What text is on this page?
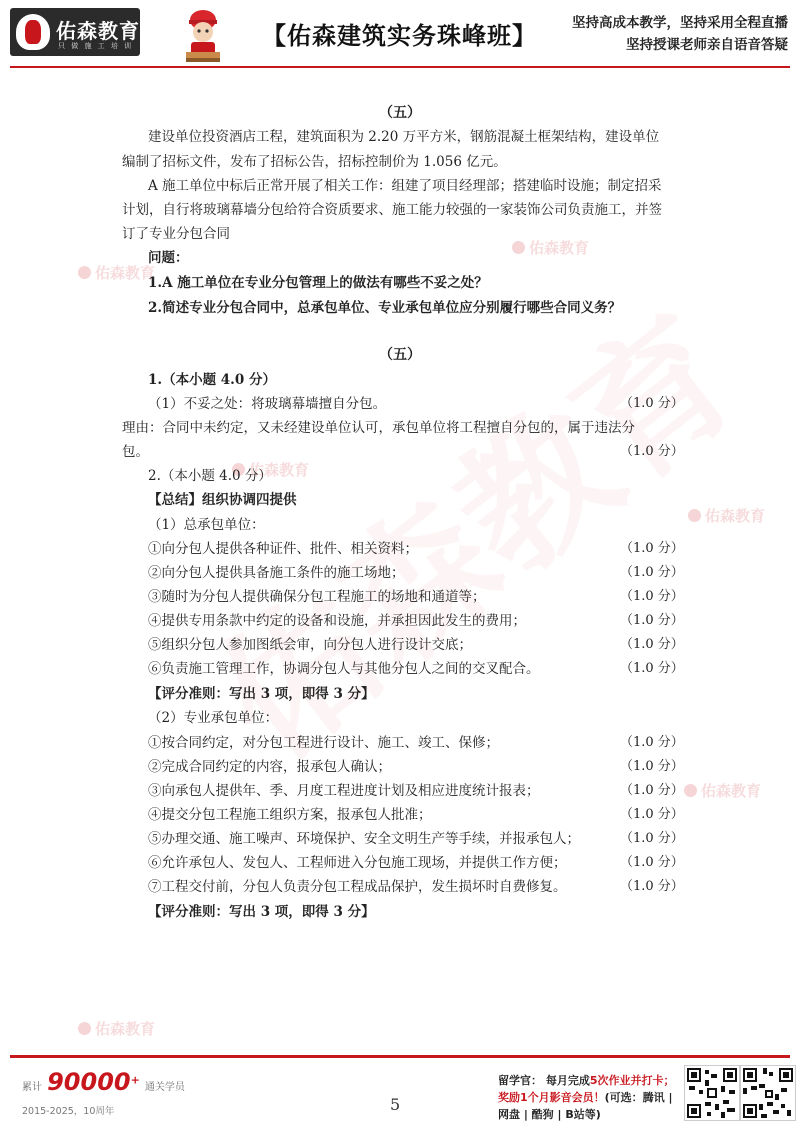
佑森教育
只 做 施 工 培 训	【佑森建筑实务珠峰班】	坚持高成本教学，坚持采用全程直播
坚持授课老师亲自语音答疑
佑森教育
佑森教育
佑森教育
佑森教育
佑森教育
佑森教育
（五）
建设单位投资酒店工程，建筑面积为 2.20 万平方米，钢筋混凝土框架结构，建设单位
编制了招标文件，发布了招标公告，招标控制价为 1.056 亿元。
A 施工单位中标后正常开展了相关工作：组建了项目经理部；搭建临时设施；制定招采
计划，自行将玻璃幕墙分包给符合资质要求、施工能力较强的一家装饰公司负责施工，并签
订了专业分包合同
问题：
1.A 施工单位在专业分包管理上的做法有哪些不妥之处？
2.简述专业分包合同中，总承包单位、专业承包单位应分别履行哪些合同义务？
（五）
1.（本小题 4.0 分）
（1）不妥之处：将玻璃幕墙擅自分包。	（1.0 分）
理由：合同中未约定，又未经建设单位认可，承包单位将工程擅自分包的，属于违法分
包。	（1.0 分）
2.（本小题 4.0 分）
【总结】组织协调四提供
（1）总承包单位：
①向分包人提供各种证件、批件、相关资料；	（1.0 分）
②向分包人提供具备施工条件的施工场地；	（1.0 分）
③随时为分包人提供确保分包工程施工的场地和通道等；	（1.0 分）
④提供专用条款中约定的设备和设施，并承担因此发生的费用；	（1.0 分）
⑤组织分包人参加图纸会审，向分包人进行设计交底；	（1.0 分）
⑥负责施工管理工作，协调分包人与其他分包人之间的交叉配合。	（1.0 分）
【评分准则：写出 3 项，即得 3 分】
（2）专业承包单位：
①按合同约定，对分包工程进行设计、施工、竣工、保修；	（1.0 分）
②完成合同约定的内容，报承包人确认；	（1.0 分）
③向承包人提供年、季、月度工程进度计划及相应进度统计报表；	（1.0 分）
④提交分包工程施工组织方案，报承包人批准；	（1.0 分）
⑤办理交通、施工噪声、环境保护、安全文明生产等手续，并报承包人；	（1.0 分）
⑥允许承包人、发包人、工程师进入分包施工现场，并提供工作方便；	（1.0 分）
⑦工程交付前，分包人负责分包工程成品保护，发生损坏时自费修复。	（1.0 分）
【评分准则：写出 3 项，即得 3 分】
累计 90000+ 通关学员
2015-2025，10周年	5
留学官： 每月完成5次作业并打卡；
奖励1个月影音会员！(可选：腾讯 |
网盘 | 酷狗 | B站等)
